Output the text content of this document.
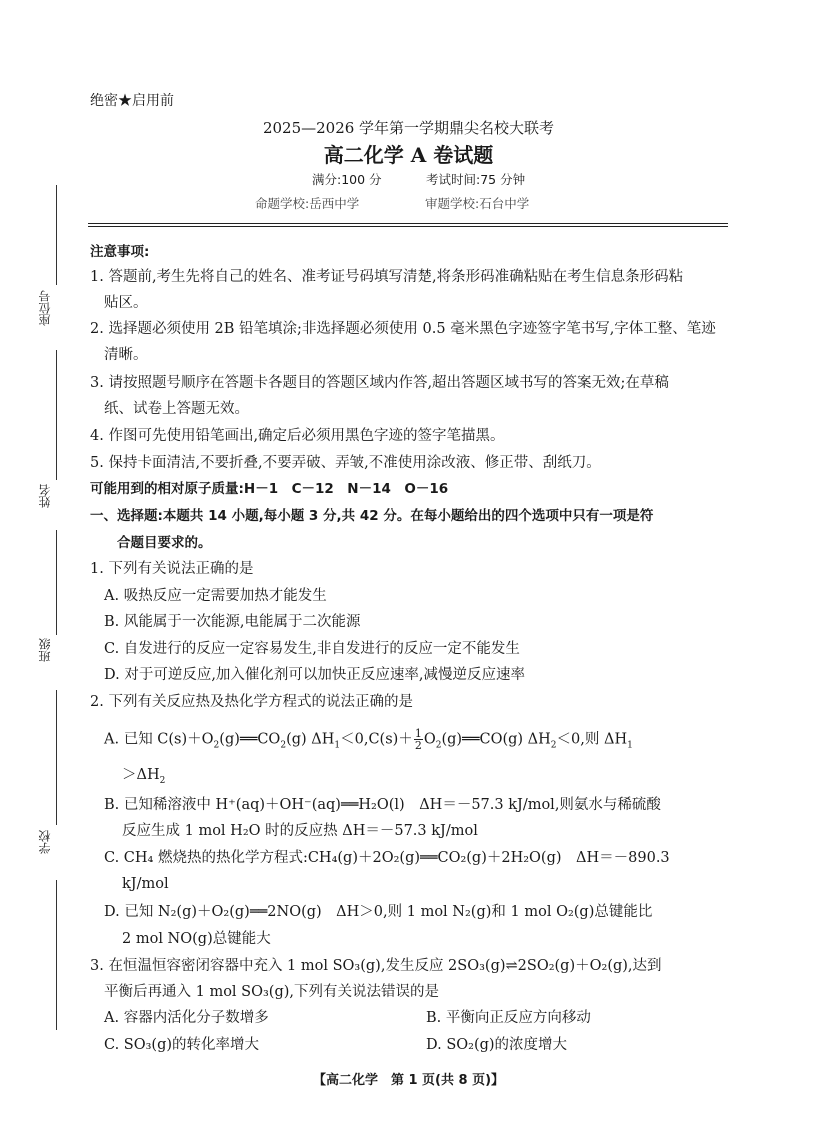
座位号
姓名
班级
学校
绝密★启用前
2025—2026 学年第一学期鼎尖名校大联考
高二化学 A 卷试题
满分:100 分	考试时间:75 分钟
命题学校:岳西中学	审题学校:石台中学
注意事项:
1. 答题前,考生先将自己的姓名、准考证号码填写清楚,将条形码准确粘贴在考生信息条形码粘
贴区。
2. 选择题必须使用 2B 铅笔填涂;非选择题必须使用 0.5 毫米黑色字迹签字笔书写,字体工整、笔迹
清晰。
3. 请按照题号顺序在答题卡各题目的答题区域内作答,超出答题区域书写的答案无效;在草稿
纸、试卷上答题无效。
4. 作图可先使用铅笔画出,确定后必须用黑色字迹的签字笔描黑。
5. 保持卡面清洁,不要折叠,不要弄破、弄皱,不准使用涂改液、修正带、刮纸刀。
可能用到的相对原子质量:H－1　C－12　N－14　O－16
一、选择题:本题共 14 小题,每小题 3 分,共 42 分。在每小题给出的四个选项中只有一项是符
合题目要求的。
1. 下列有关说法正确的是
A. 吸热反应一定需要加热才能发生
B. 风能属于一次能源,电能属于二次能源
C. 自发进行的反应一定容易发生,非自发进行的反应一定不能发生
D. 对于可逆反应,加入催化剂可以加快正反应速率,减慢逆反应速率
2. 下列有关反应热及热化学方程式的说法正确的是
A. 已知 $C(s)+O_2(g)══CO_2(g)$ $\Delta H_1<0,C(s)+ \frac{1}{2}$ $O_2(g)══CO(g)$ $\Delta H_2<0$,则 $\Delta H_1$
$>\Delta H_2$
B. 已知稀溶液中 H⁺(aq)＋OH⁻(aq)══H₂O(l)　ΔH＝－57.3 kJ/mol,则氨水与稀硫酸
反应生成 1 mol H₂O 时的反应热 ΔH＝－57.3 kJ/mol
C. CH₄ 燃烧热的热化学方程式:CH₄(g)＋2O₂(g)══CO₂(g)＋2H₂O(g)　ΔH＝－890.3
kJ/mol
D. 已知 N₂(g)＋O₂(g)══2NO(g)　ΔH＞0,则 1 mol N₂(g)和 1 mol O₂(g)总键能比
2 mol NO(g)总键能大
3. 在恒温恒容密闭容器中充入 1 mol SO₃(g),发生反应 2SO₃(g)⇌2SO₂(g)＋O₂(g),达到
平衡后再通入 1 mol SO₃(g),下列有关说法错误的是
A. 容器内活化分子数增多	B. 平衡向正反应方向移动
C. SO₃(g)的转化率增大	D. SO₂(g)的浓度增大
【高二化学　第 1 页(共 8 页)】
